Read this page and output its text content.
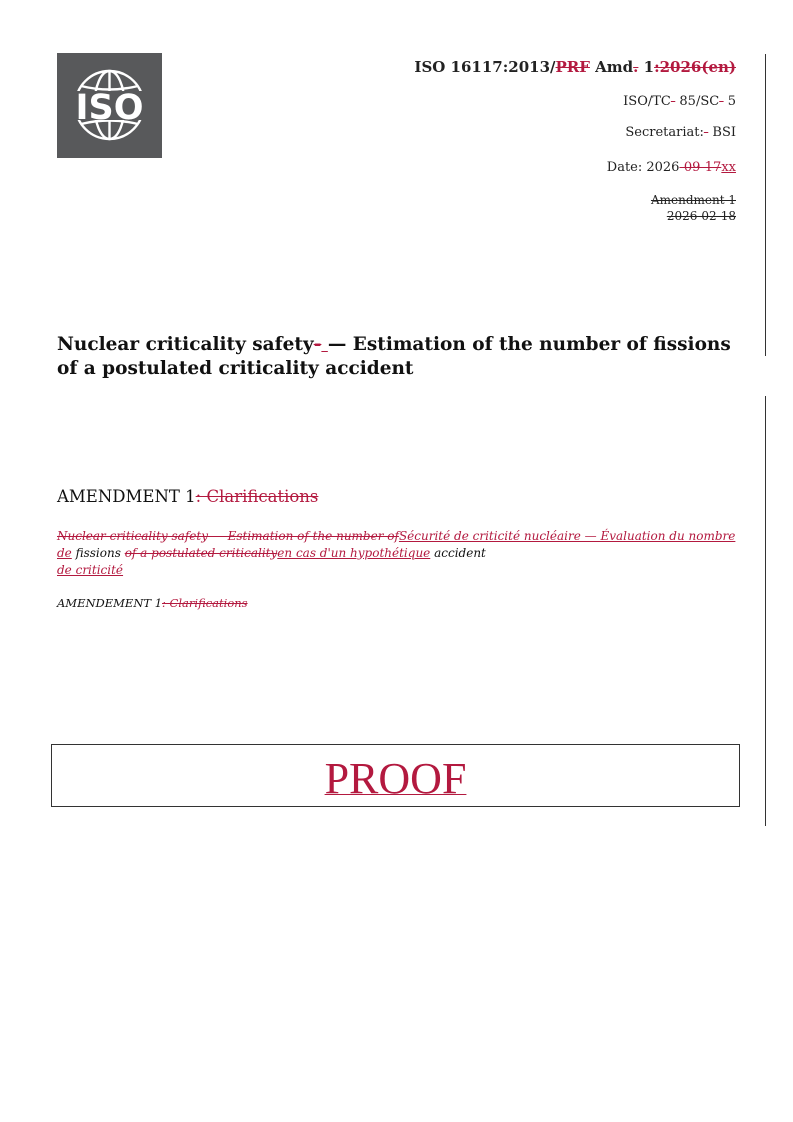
ISO
ISO 16117:2013/PRF Amd. 1:2026(en)
ISO/TC- 85/SC- 5
Secretariat:- BSI
Date: 2026-09-17xx
Amendment 1
2026-02-18
Nuclear criticality safety- — Estimation of the number of fissions of a postulated criticality accident
AMENDMENT 1: Clarifications

Nuclear criticality safety — Estimation of the number ofSécurité de criticité nucléaire — Évaluation du nombre de fissions of a postulated criticalityen cas d'un hypothétique accident
de criticité

AMENDEMENT 1: Clarifications

PROOF
